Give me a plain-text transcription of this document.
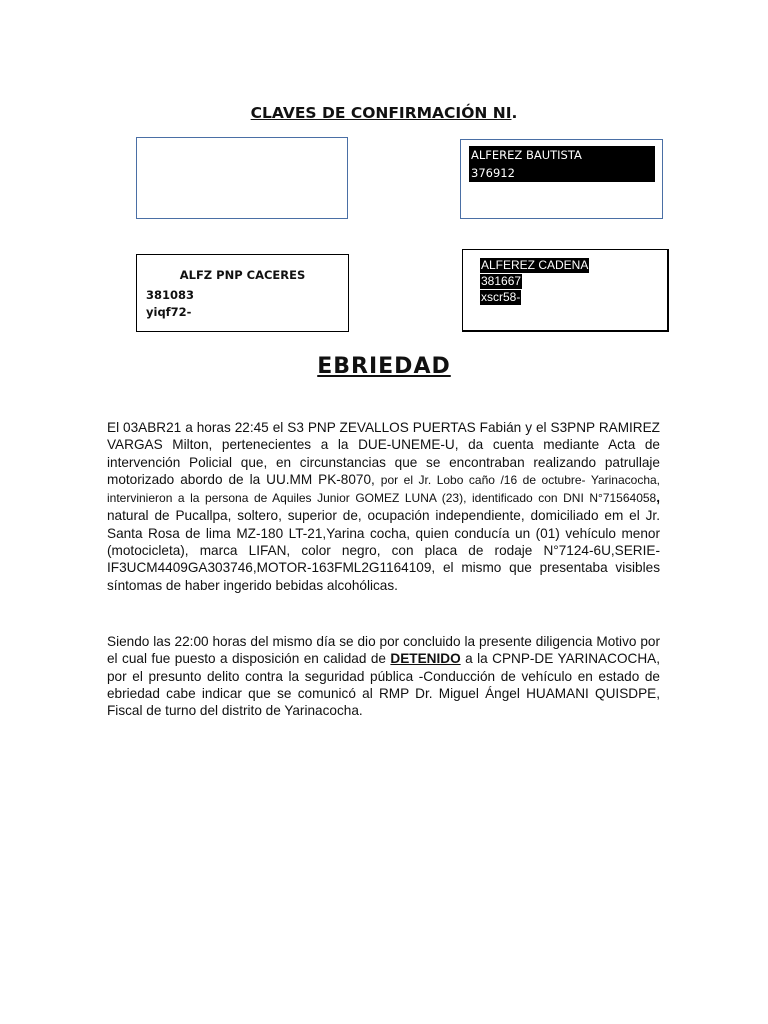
CLAVES DE CONFIRMACIÓN NI.
ALFEREZ BAUTISTA
376912
ALFZ PNP CACERES
381083
yiqf72-
ALFEREZ CADENA
381667
xscr58-
EBRIEDAD
El 03ABR21 a horas 22:45 el S3 PNP ZEVALLOS PUERTAS Fabián y el S3PNP RAMIREZ VARGAS Milton, pertenecientes a la DUE-UNEME-U, da cuenta mediante Acta de intervención Policial que, en circunstancias que se encontraban realizando patrullaje motorizado abordo de la UU.MM PK-8070, por el Jr. Lobo caño /16 de octubre- Yarinacocha, intervinieron a la persona de Aquiles Junior GOMEZ LUNA (23), identificado con DNI N°71564058, natural de Pucallpa, soltero, superior de, ocupación independiente, domiciliado em el Jr. Santa Rosa de lima MZ-180 LT-21,Yarina cocha, quien conducía un (01) vehículo menor (motocicleta), marca LIFAN, color negro, con placa de rodaje N°7124-6U,SERIE-IF3UCM4409GA303746,MOTOR-163FML2G1164109, el mismo que presentaba visibles síntomas de haber ingerido bebidas alcohólicas.
Siendo las 22:00 horas del mismo día se dio por concluido la presente diligencia Motivo por el cual fue puesto a disposición en calidad de DETENIDO a la CPNP-DE YARINACOCHA, por el presunto delito contra la seguridad pública -Conducción de vehículo en estado de ebriedad cabe indicar que se comunicó al RMP Dr. Miguel Ángel HUAMANI QUISDPE, Fiscal de turno del distrito de Yarinacocha.
